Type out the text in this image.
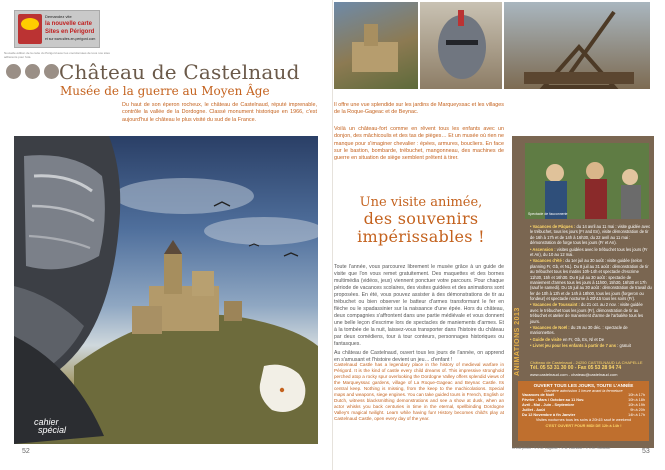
Demandez vite
la nouvelle carte
Sites en Périgord
et sur www.sites-en-perigord.com
Nouvelle édition de la carte du Périgord avec les coordonnées de tous nos sites adhérents pour l'été.
Château de Castelnaud
Musée de la guerre au Moyen Âge
Du haut de son éperon rocheux, le château de Castelnaud, réputé imprenable, contrôle la vallée de la Dordogne. Classé monument historique en 1966, c'est aujourd'hui le château le plus visité du sud de la France.
cahier
spécial
52
Il offre une vue splendide sur les jardins de Marqueyssac et les villages de la Roque-Gageac et de Beynac.
Voilà un château-fort comme en rêvent tous les enfants avec un donjon, des mâchicoulis et des tas de pièges… Et un musée où rien ne manque pour s'imaginer chevalier : épées, armures, boucliers. En face sur le bastion, bombarde, trébuchet, mangonneau, des machines de guerre en situation de siège semblent prêtent à tirer.
Une visite animée,
des souvenirs
impérissables !
Toute l'année, vous parcourez librement le musée grâce à un guide de visite que l'on vous remet gratuitement. Des maquettes et des bornes multimédia (vidéos, jeux) viennent ponctuer votre parcours. Pour chaque période de vacances scolaires, des visites guidées et des animations sont proposées. En été, vous pouvez assister à des démonstrations de tir au trébuchet ou bien observer le batteur d'armes transformant le fer en flèche ou le spadassinier sur la naissance d'une épée. Hors du château, deux compagnies s'affrontent dans une partie médiévale et vous donnent une belle leçon d'escrime lors de spectacles de maniements d'armes. Et à la tombée de la nuit, laissez-vous transporter dans l'histoire du château par deux comédiens, tour à tour conteurs, personnages historiques ou fantasques.
Au château de Castelnaud, ouvert tous les jours de l'année, on apprend en s'amusant et l'histoire devient un jeu… d'enfant !
Castelnaud Castle has a legendary place in the history of medieval warfare in Périgord. It is the kind of castle every child dreams of. This impressive stronghold perched atop a rocky spur overlooking the Dordogne Valley offers splendid views of the Marqueyssac gardens, village of La Roque-Gageac and Beynac Castle. Its central keep. Nothing is missing, from the keep to the machicolations. Special maps and weapons, siege engines. You can take guided tours in French, English or Dutch, witness blacksmithing demonstrations and see a show at dusk, when an actor whisks you back centuries in time in the eternal, spellbinding Dordogne Valley's magical twilight. Learn while having fun! History becomes child's play at Castelnaud Castle, open every day of the year.
Spectacle de fauconnerie
ANIMATIONS 2013
• Vacances de Pâques : du 14 avril au 11 mai : visite guidée avec le trébuchet, tous les jours (Fr and En), visite démonstration de tir de 16h à 17h et de 14h à 16h30, du 22 avril au 11 mai : démonstration de forge tous les jours (Fr et An).
• Ascension : visites guidées avec le trébuchet tous les jours (Fr et An), du 10 au 12 mai.
• Vacances d'été : du 1er juil au 30 août : visite guidée (selon planning Fr, Gb, et NL). Du 8 juil au 31 août : démonstration de tir au trébuchet tous les matins 10h-14h et spectacle d'escrime 11h30, 15h et 16h30. Du 8 juil au 30 août : spectacle de maniement d'armes tous les jours à 11h00, 15h30, 16h30 et 17h (sauf le samedi). Du 15 juil au 30 août : démonstration de travail du fer de 10h à 13h et de 14h à 18h00, tous les jours (forgeron ou fondeur) et spectacle nocturne à 20h15 tous les soirs (Fr).
• Vacances de Toussaint : du 21 oct. au 2 nov. : visite guidée avec le trébuchet tous les jours (Fr), démonstration de tir au trébuchet et atelier de maniement d'arme de l'arbalète tous les jours.
• Vacances de Noël : du 26 au 30 déc. : spectacle de marionnettes.
• Guide de visite en Fr, Gb, Es, Nl et De
• Livret jeu pour les enfants à partir de 7 ans : gratuit
Château de Castelnaud - 24250 CASTELNAUD LA CHAPELLE
Tél. 05 53 31 30 00 - Fax 05 53 28 94 74
www.castelnaud.com - chateau@castelnaud.com
OUVERT TOUS LES JOURS, TOUTE L'ANNÉE
Dernière admission 1 heure avant la fermeture
Vacances de Noël	10h à 17h
Février - Mars / Octobre au 11 Nov.	10h à 18h
Avril - Mai - Juin - Septembre	10h à 19h
Juillet - Août	9h à 20h
Du 12 Novembre à fin Janvier	14h à 17h
Visites nocturnes tous les soirs à 20h15 sauf le weekend
C'EST OUVERT POUR MIDI DE 12h à 14h !
Crédit photo : © J.M. Lagarde - © B. Lachaud - © J.M. Rabasse	53
